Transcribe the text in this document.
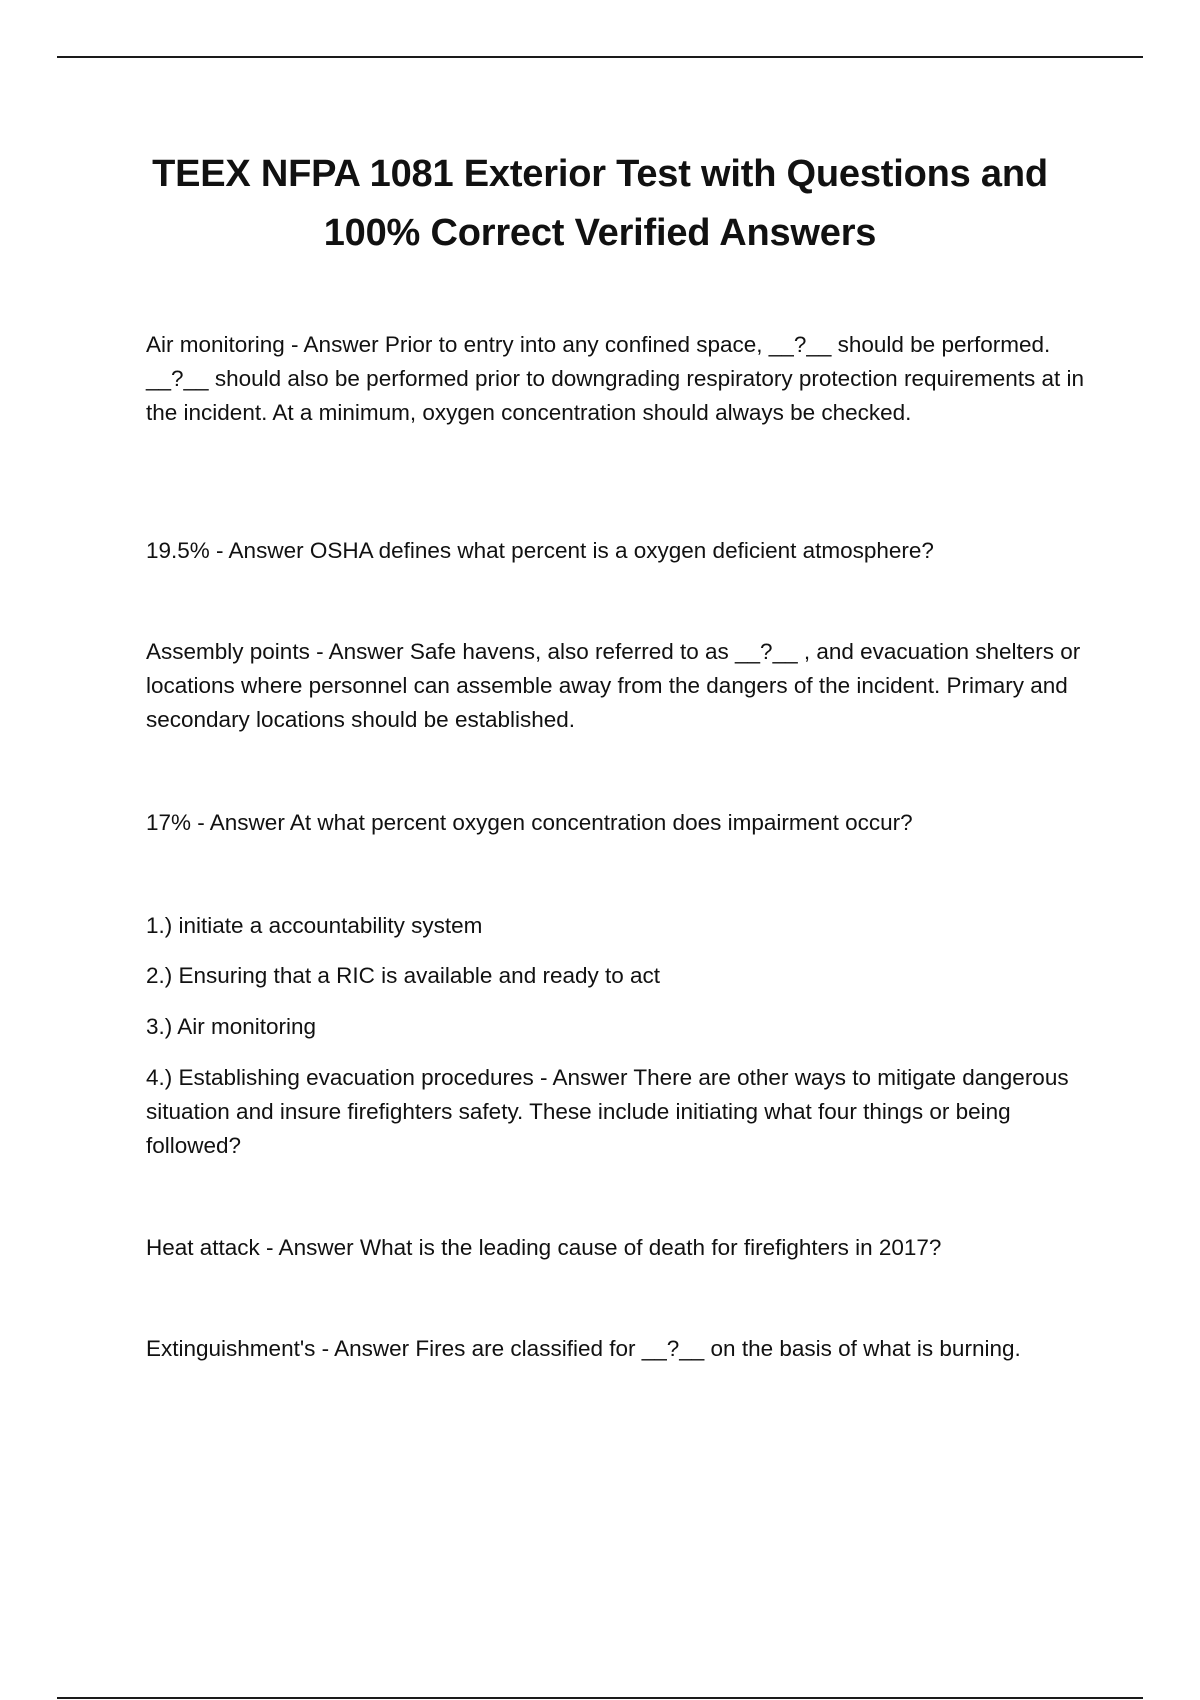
TEEX NFPA 1081 Exterior Test with Questions and
100% Correct Verified Answers

Air monitoring - Answer Prior to entry into any confined space, __?__ should be performed. __?__ should also be performed prior to downgrading respiratory protection requirements at in the incident. At a minimum, oxygen concentration should always be checked.

19.5% - Answer OSHA defines what percent is a oxygen deficient atmosphere?

Assembly points - Answer Safe havens, also referred to as __?__ , and evacuation shelters or locations where personnel can assemble away from the dangers of the incident. Primary and secondary locations should be established.

17% - Answer At what percent oxygen concentration does impairment occur?

1.) initiate a accountability system

2.) Ensuring that a RIC is available and ready to act

3.) Air monitoring

4.) Establishing evacuation procedures - Answer There are other ways to mitigate dangerous situation and insure firefighters safety. These include initiating what four things or being followed?

Heat attack - Answer What is the leading cause of death for firefighters in 2017?

Extinguishment's - Answer Fires are classified for __?__ on the basis of what is burning.
